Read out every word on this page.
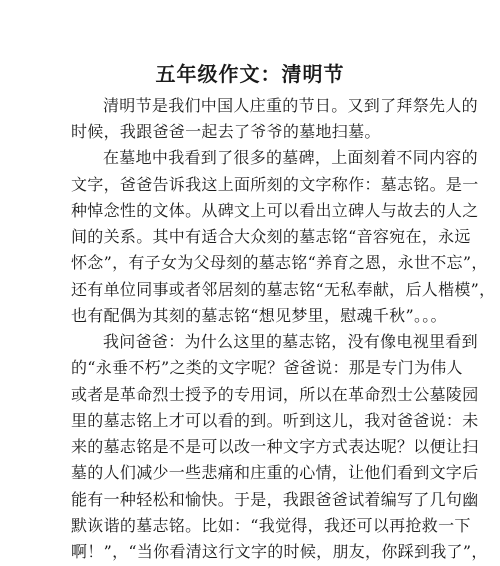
五年级作文：清明节
清明节是我们中国人庄重的节日。又到了拜祭先人的
时候，我跟爸爸一起去了爷爷的墓地扫墓。
在墓地中我看到了很多的墓碑，上面刻着不同内容的
文字，爸爸告诉我这上面所刻的文字称作：墓志铭。是一
种悼念性的文体。从碑文上可以看出立碑人与故去的人之
间的关系。其中有适合大众刻的墓志铭“音容宛在，永远
怀念”，有子女为父母刻的墓志铭“养育之恩，永世不忘”，
还有单位同事或者邻居刻的墓志铭“无私奉献，后人楷模”，
也有配偶为其刻的墓志铭“想见梦里，慰魂千秋”。。。
我问爸爸：为什么这里的墓志铭，没有像电视里看到
的“永垂不朽”之类的文字呢？爸爸说：那是专门为伟人
或者是革命烈士授予的专用词，所以在革命烈士公墓陵园
里的墓志铭上才可以看的到。听到这儿，我对爸爸说：未
来的墓志铭是不是可以改一种文字方式表达呢？以便让扫
墓的人们减少一些悲痛和庄重的心情，让他们看到文字后
能有一种轻松和愉快。于是，我跟爸爸试着编写了几句幽
默诙谐的墓志铭。比如：“我觉得，我还可以再抢救一下
啊！”，“当你看清这行文字的时候，朋友，你踩到我了”，
